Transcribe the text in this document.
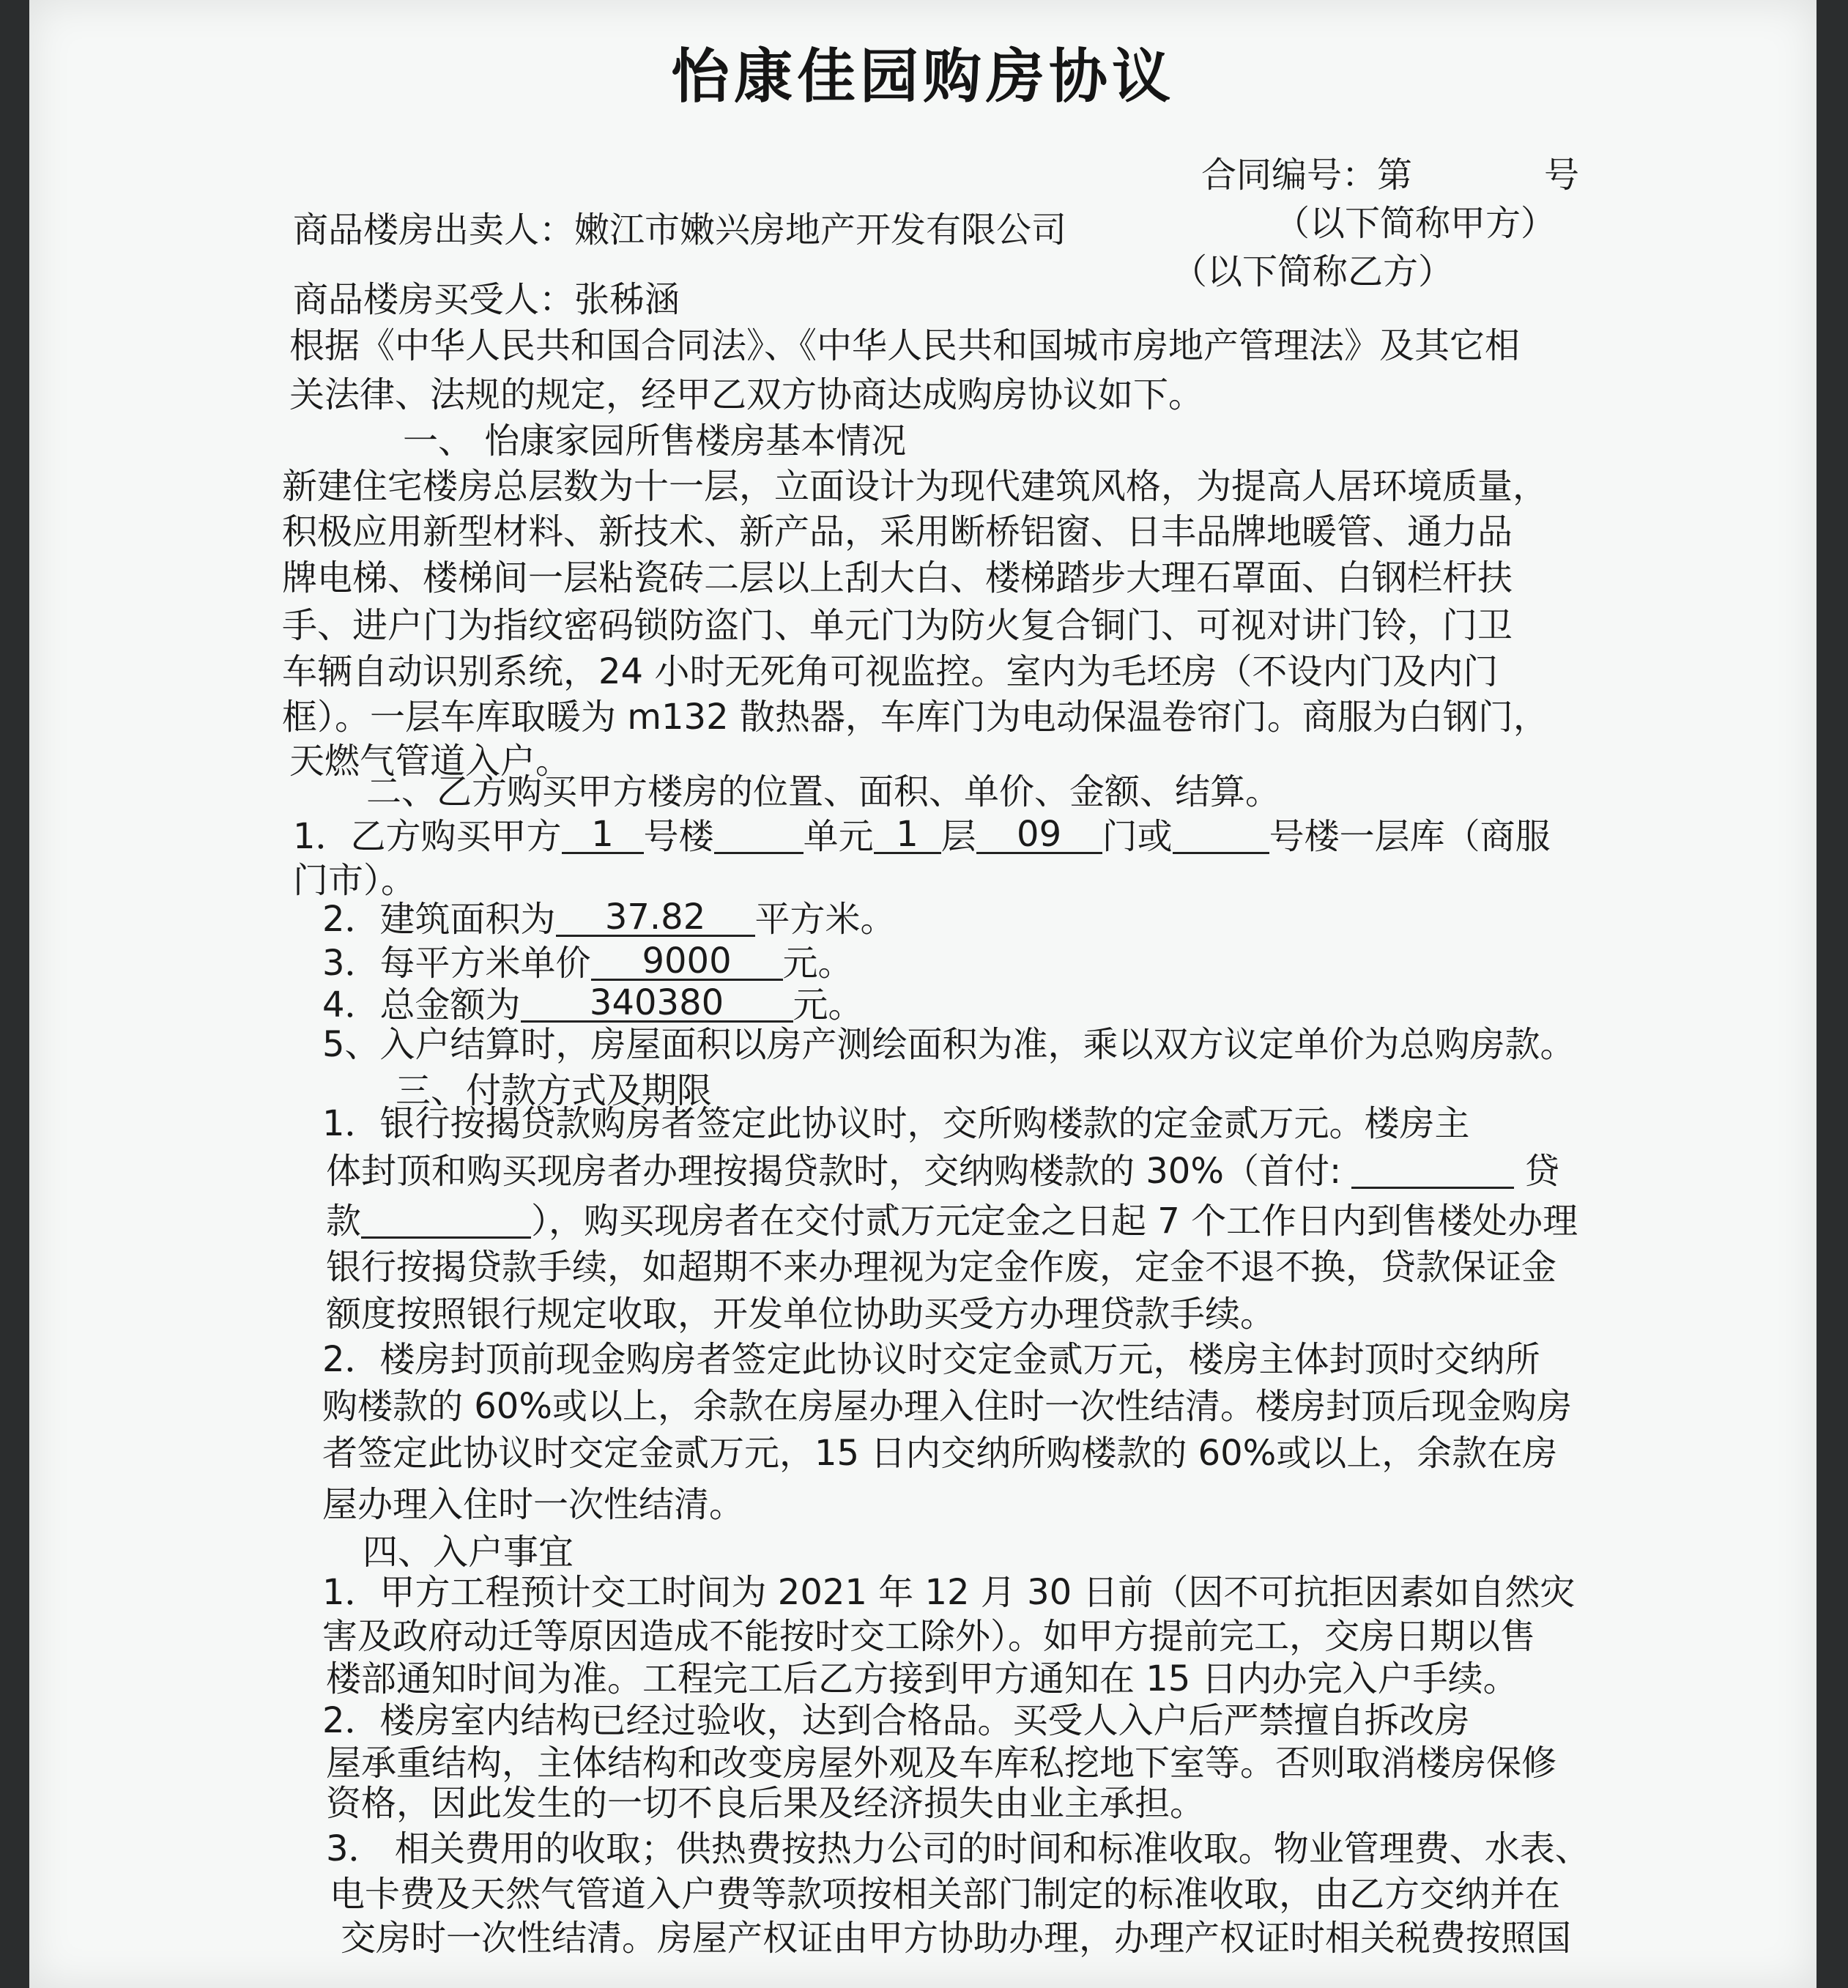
怡康佳园购房协议
合同编号：第	号
（以下简称甲方）
商品楼房出卖人：嫩江市嫩兴房地产开发有限公司
（以下简称乙方）
商品楼房买受人：张秭涵
根据《中华人民共和国合同法》、《中华人民共和国城市房地产管理法》及其它相
关法律、法规的规定，经甲乙双方协商达成购房协议如下。
一、 怡康家园所售楼房基本情况
新建住宅楼房总层数为十一层，立面设计为现代建筑风格，为提高人居环境质量，
积极应用新型材料、新技术、新产品，采用断桥铝窗、日丰品牌地暖管、通力品
牌电梯、楼梯间一层粘瓷砖二层以上刮大白、楼梯踏步大理石罩面、白钢栏杆扶
手、进户门为指纹密码锁防盗门、单元门为防火复合铜门、可视对讲门铃，门卫
车辆自动识别系统，24 小时无死角可视监控。室内为毛坯房（不设内门及内门
框）。一层车库取暖为 m132 散热器，车库门为电动保温卷帘门。商服为白钢门，
天燃气管道入户。
二、乙方购买甲方楼房的位置、面积、单价、金额、结算。
1．乙方购买甲方 1 号楼	单元 1 层 09 门或	号楼一层库（商服
门市）。
2．建筑面积为 37.82 平方米。
3．每平方米单价 9000 元。
4．总金额为 340380 元。
5、入户结算时，房屋面积以房产测绘面积为准，乘以双方议定单价为总购房款。
三、付款方式及期限
1．银行按揭贷款购房者签定此协议时，交所购楼款的定金贰万元。楼房主
体封顶和购买现房者办理按揭贷款时，交纳购楼款的 30%（首付:	贷
款	），购买现房者在交付贰万元定金之日起 7 个工作日内到售楼处办理
银行按揭贷款手续，如超期不来办理视为定金作废，定金不退不换，贷款保证金
额度按照银行规定收取，开发单位协助买受方办理贷款手续。
2．楼房封顶前现金购房者签定此协议时交定金贰万元，楼房主体封顶时交纳所
购楼款的 60%或以上，余款在房屋办理入住时一次性结清。楼房封顶后现金购房
者签定此协议时交定金贰万元，15 日内交纳所购楼款的 60%或以上，余款在房
屋办理入住时一次性结清。
四、入户事宜
1．甲方工程预计交工时间为 2021 年 12 月 30 日前（因不可抗拒因素如自然灾
害及政府动迁等原因造成不能按时交工除外）。如甲方提前完工，交房日期以售
楼部通知时间为准。工程完工后乙方接到甲方通知在 15 日内办完入户手续。
2．楼房室内结构已经过验收，达到合格品。买受人入户后严禁擅自拆改房
屋承重结构，主体结构和改变房屋外观及车库私挖地下室等。否则取消楼房保修
资格，因此发生的一切不良后果及经济损失由业主承担。
3． 相关费用的收取；供热费按热力公司的时间和标准收取。物业管理费、水表、
电卡费及天然气管道入户费等款项按相关部门制定的标准收取，由乙方交纳并在
交房时一次性结清。房屋产权证由甲方协助办理，办理产权证时相关税费按照国
